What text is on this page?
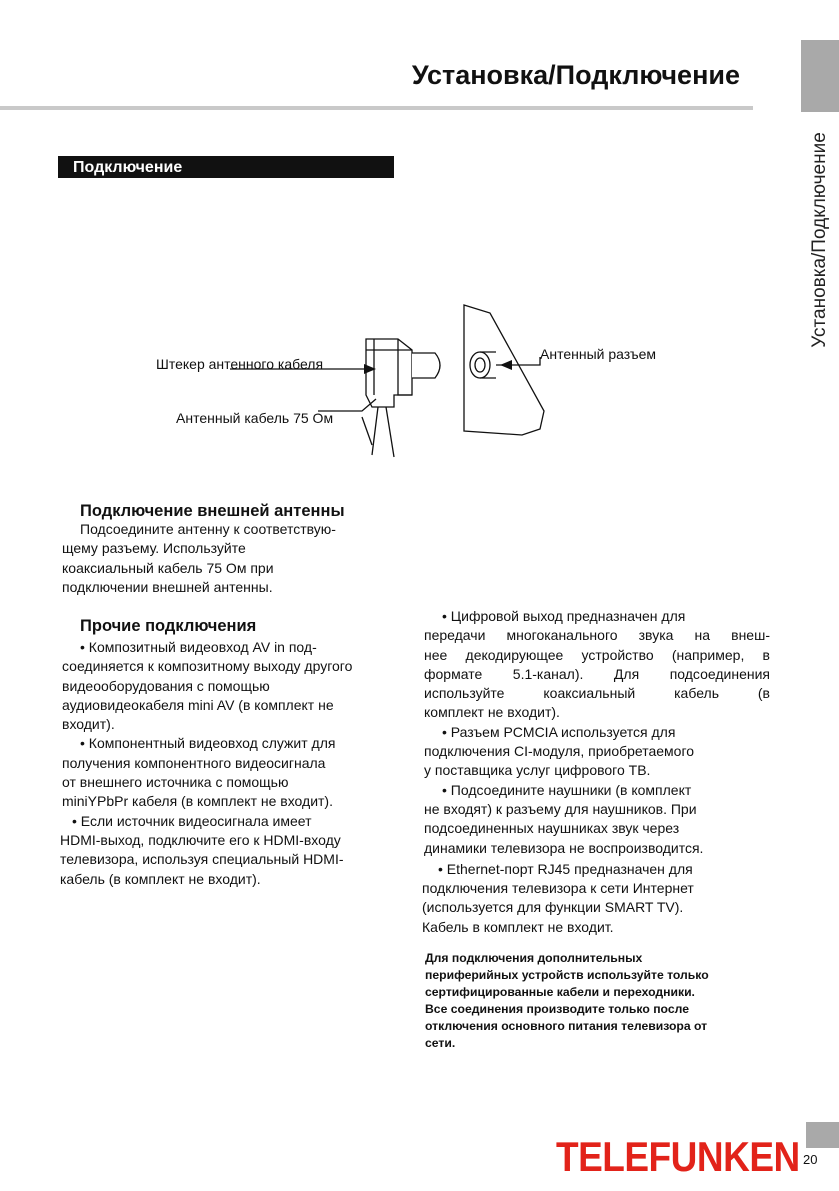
Установка/Подключение
Установка/Подключение
Подключение
Штекер антенного кабеля
Антенный разъем
Антенный кабель 75 Ом
Подключение внешней антенны

Подсоедините антенну к соответствую-

щему разъему. Используйте

коаксиальный кабель 75 Ом при

подключении внешней антенны.

Прочие подключения

• Композитный видеовход AV in под-

соединяется к композитному выходу другого

видеооборудования с помощью

аудиовидеокабеля mini AV (в комплект не

входит).

• Компонентный видеовход служит для

получения компонентного видеосигнала

от внешнего источника с помощью

miniYPbPr кабеля (в комплект не входит).

• Если источник видеосигнала имеет

HDMI-выход, подключите его к HDMI-входу

телевизора, используя специальный HDMI-

кабель (в комплект не входит).

• Цифровой выход предназначен для

передачи многоканального звука на внеш-

нее декодирующее устройство (например, в

формате 5.1-канал). Для подсоединения

используйте коаксиальный кабель (в

комплект не входит).

• Разъем PCMCIA используется для

подключения CI-модуля, приобретаемого

у поставщика услуг цифрового ТВ.

• Подсоедините наушники (в комплект

не входят) к разъему для наушников. При

подсоединенных наушниках звук через

динамики телевизора не воспроизводится.

• Ethernet-порт RJ45 предназначен для

подключения телевизора к сети Интернет

(используется для функции SMART TV).

Кабель в комплект не входит.

Для подключения дополнительных

периферийных устройств используйте только

сертифицированные кабели и переходники.

Все соединения производите только после

отключения основного питания телевизора от

сети.

TELEFUNKEN 20
